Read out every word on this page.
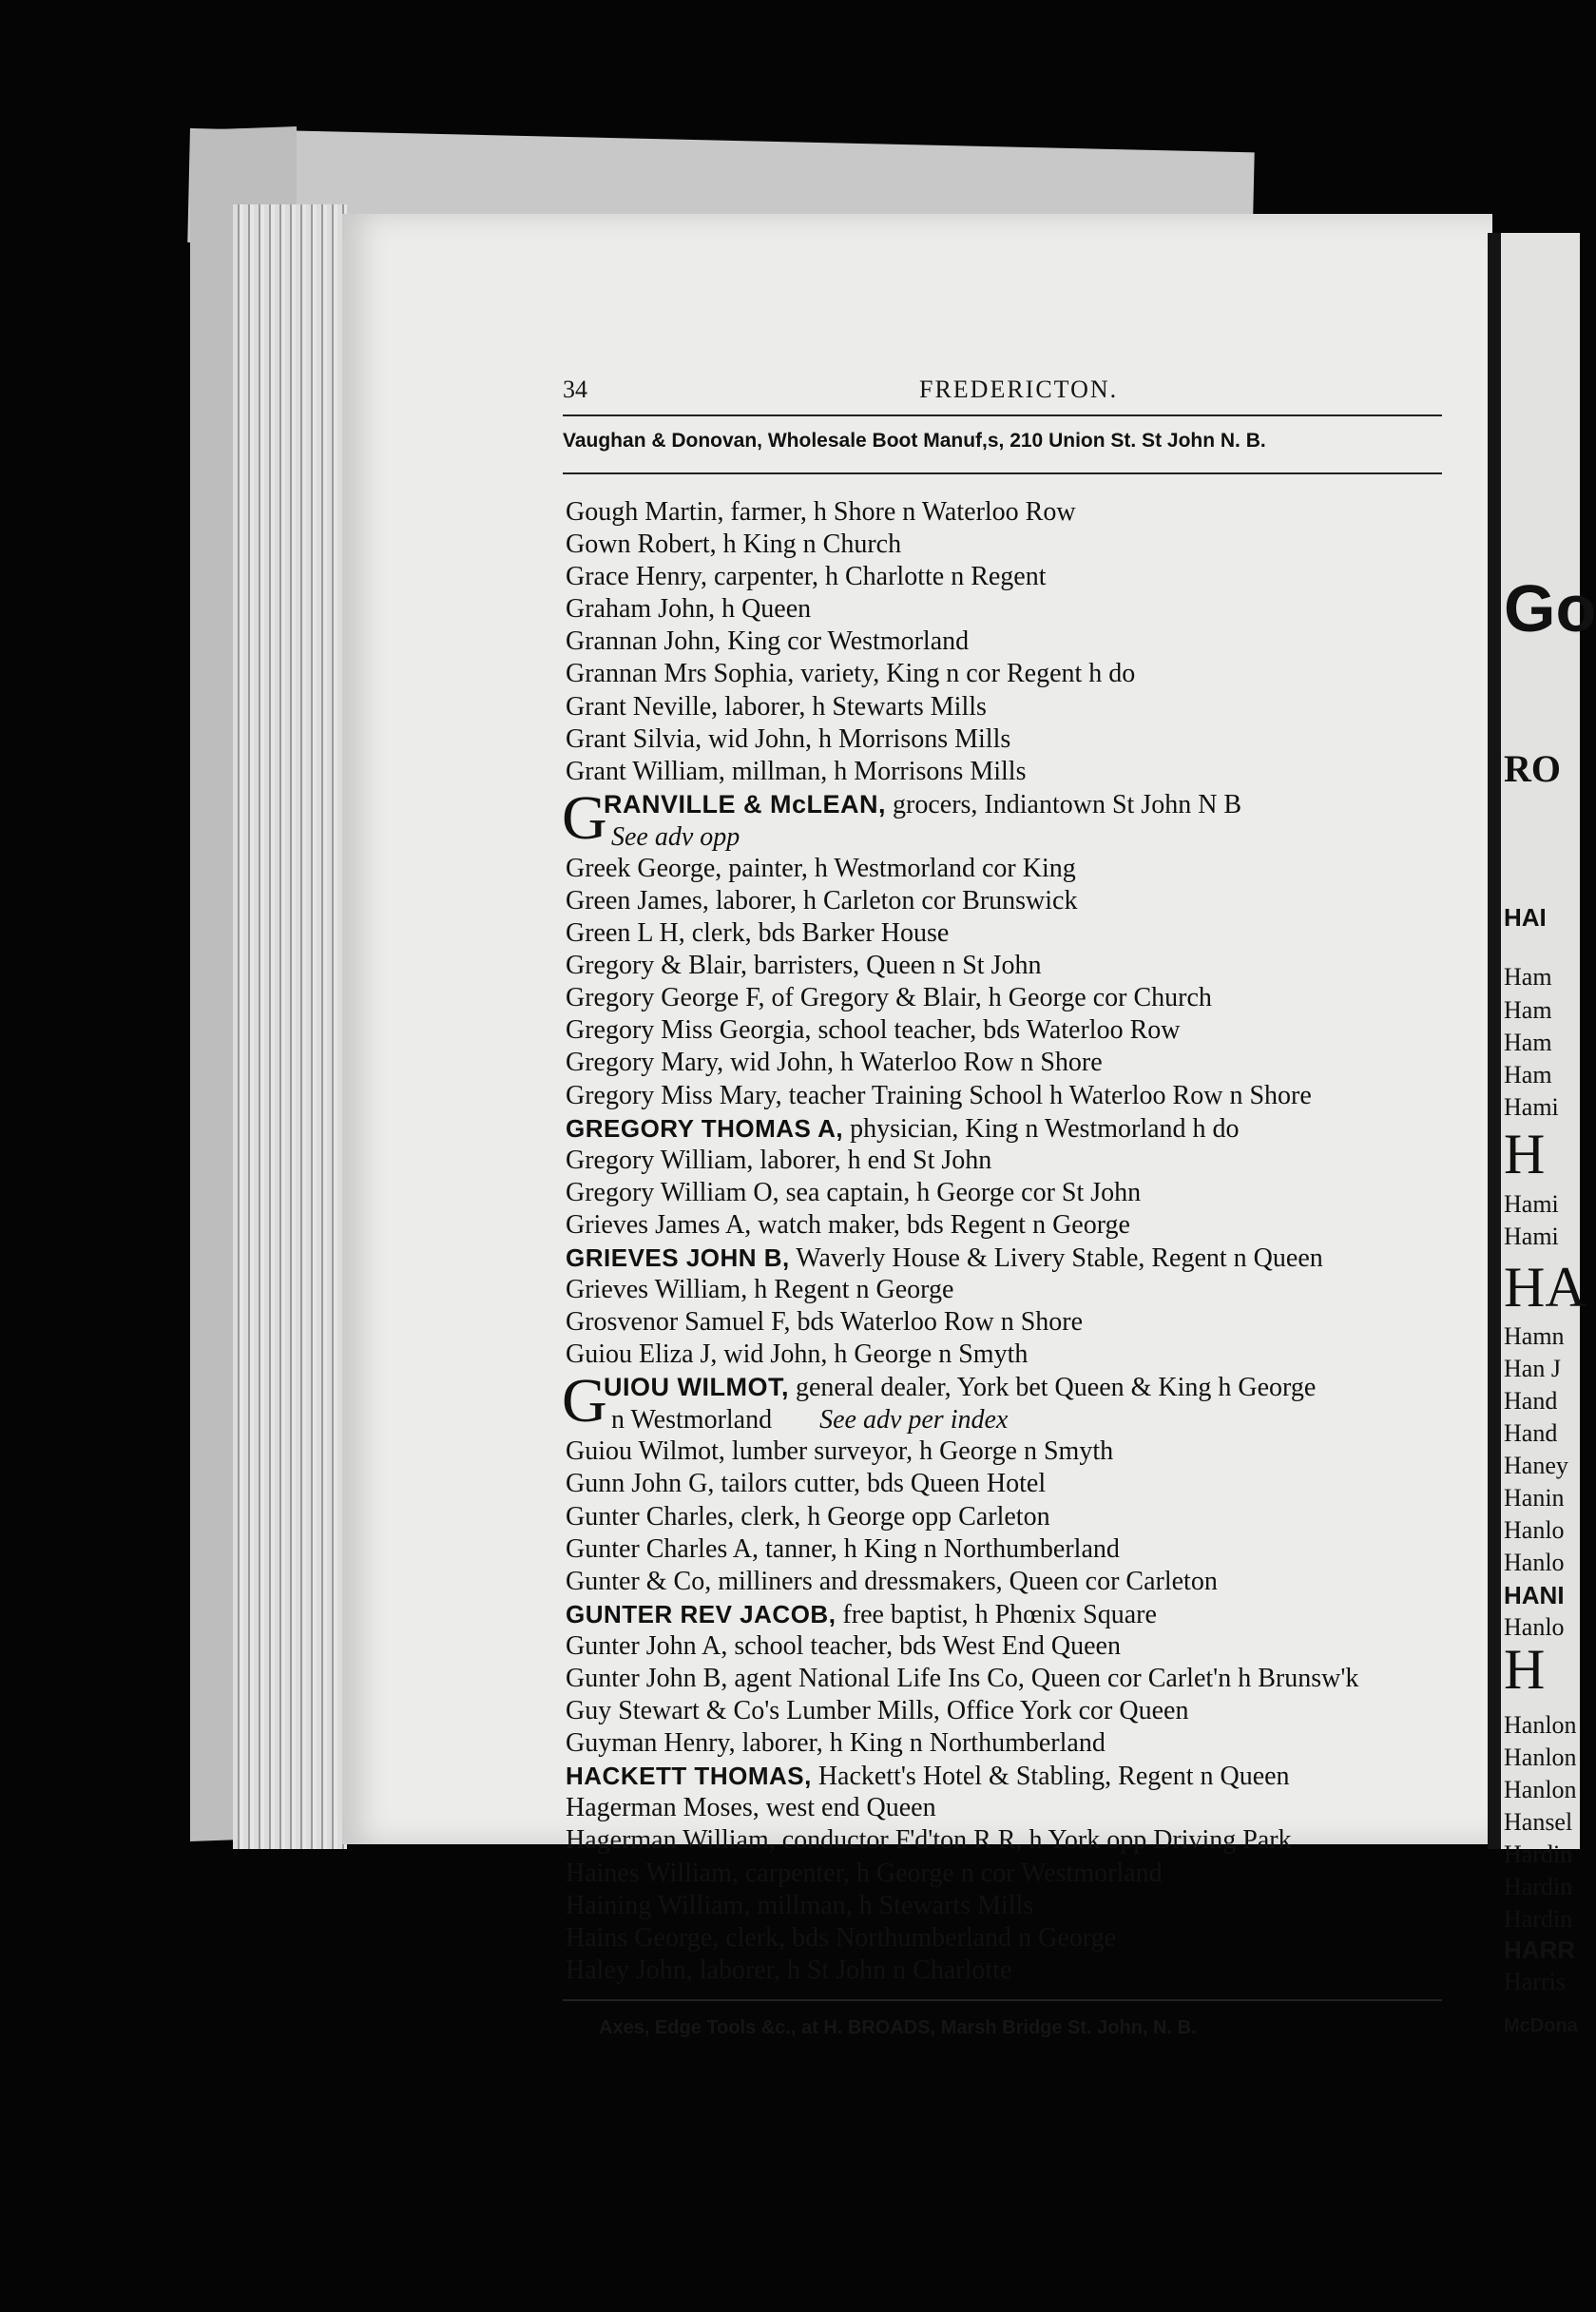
34	FREDERICTON.
Vaughan & Donovan, Wholesale Boot Manuf,s, 210 Union St. St John N. B.
Gough Martin, farmer, h Shore n Waterloo Row
Gown Robert, h King n Church
Grace Henry, carpenter, h Charlotte n Regent
Graham John, h Queen
Grannan John, King cor Westmorland
Grannan Mrs Sophia, variety, King n cor Regent h do
Grant Neville, laborer, h Stewarts Mills
Grant Silvia, wid John, h Morrisons Mills
Grant William, millman, h Morrisons Mills
G
RANVILLE & McLEAN, grocers, Indiantown St John N B
See adv opp
Greek George, painter, h Westmorland cor King
Green James, laborer, h Carleton cor Brunswick
Green L H, clerk, bds Barker House
Gregory & Blair, barristers, Queen n St John
Gregory George F, of Gregory & Blair, h George cor Church
Gregory Miss Georgia, school teacher, bds Waterloo Row
Gregory Mary, wid John, h Waterloo Row n Shore
Gregory Miss Mary, teacher Training School h Waterloo Row n Shore
GREGORY THOMAS A, physician, King n Westmorland h do
Gregory William, laborer, h end St John
Gregory William O, sea captain, h George cor St John
Grieves James A, watch maker, bds Regent n George
GRIEVES JOHN B, Waverly House & Livery Stable, Regent n Queen
Grieves William, h Regent n George
Grosvenor Samuel F, bds Waterloo Row n Shore
Guiou Eliza J, wid John, h George n Smyth
G
UIOU WILMOT, general dealer, York bet Queen & King h George
n Westmorland See adv per index
Guiou Wilmot, lumber surveyor, h George n Smyth
Gunn John G, tailors cutter, bds Queen Hotel
Gunter Charles, clerk, h George opp Carleton
Gunter Charles A, tanner, h King n Northumberland
Gunter & Co, milliners and dressmakers, Queen cor Carleton
GUNTER REV JACOB, free baptist, h Phœnix Square
Gunter John A, school teacher, bds West End Queen
Gunter John B, agent National Life Ins Co, Queen cor Carlet'n h Brunsw'k
Guy Stewart & Co's Lumber Mills, Office York cor Queen
Guyman Henry, laborer, h King n Northumberland
HACKETT THOMAS, Hackett's Hotel & Stabling, Regent n Queen
Hagerman Moses, west end Queen
Hagerman William, conductor F'd'ton R R, h York opp Driving Park
Haines William, carpenter, h George n cor Westmorland
Haining William, millman, h Stewarts Mills
Hains George, clerk, bds Northumberland n George
Haley John, laborer, h St John n Charlotte
Axes, Edge Tools &c., at H. BROADS, Marsh Bridge St. John, N. B.
Go
RO
HAI
Ham
Ham
Ham
Ham
Hami
H
Hami
Hami
HA
Hamn
Han J
Hand
Hand
Haney
Hanin
Hanlo
Hanlo
HANI
Hanlo
H
Hanlon
Hanlon
Hanlon
Hansel
Hardin
Hardin
Hardin
HARR
Harris
McDona
